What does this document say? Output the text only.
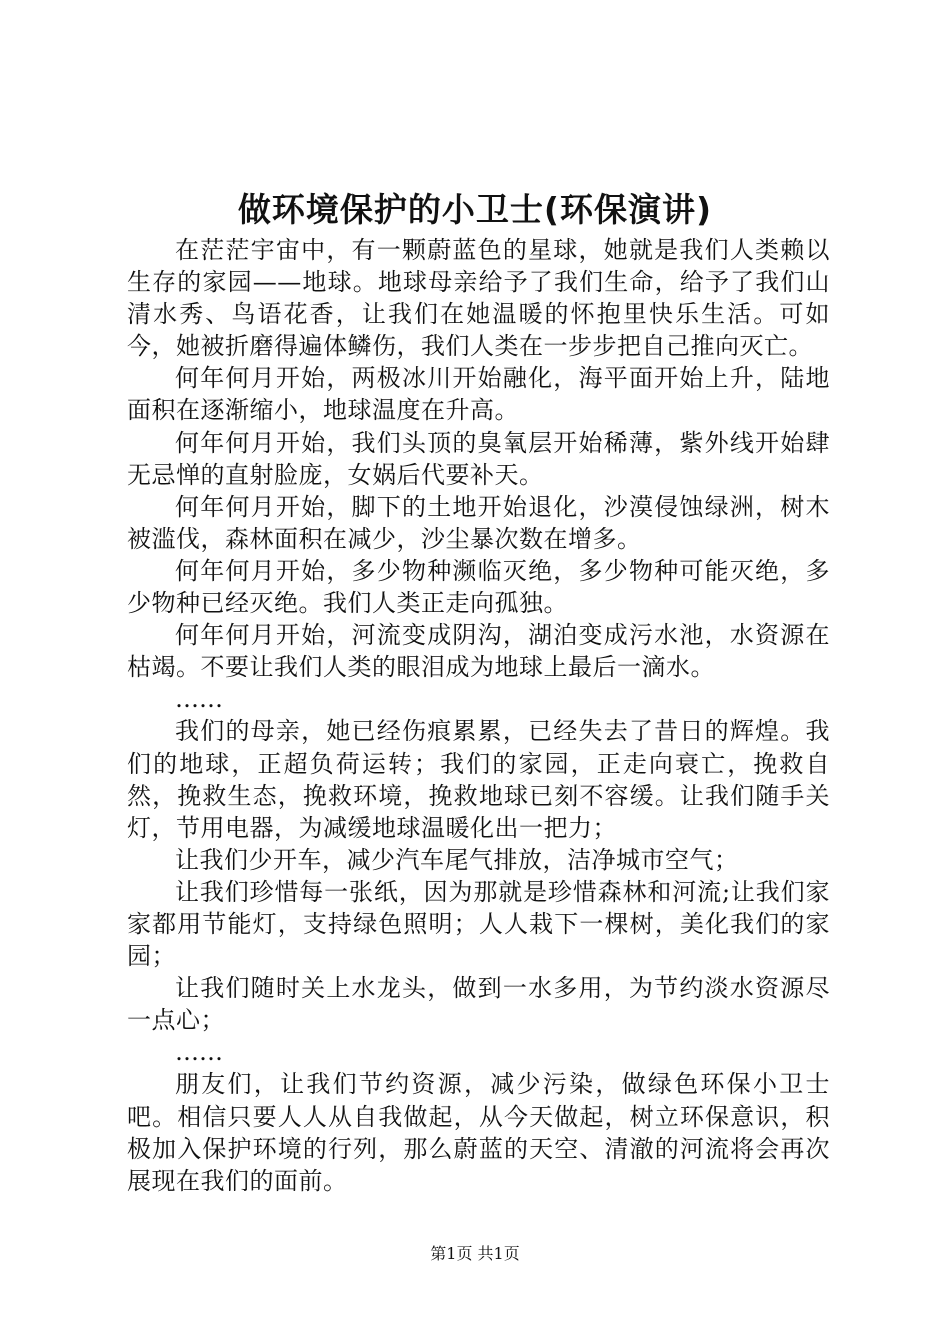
做环境保护的小卫士(环保演讲)

在茫茫宇宙中，有一颗蔚蓝色的星球，她就是我们人类赖以生存的家园——地球。地球母亲给予了我们生命，给予了我们山清水秀、鸟语花香，让我们在她温暖的怀抱里快乐生活。可如今，她被折磨得遍体鳞伤，我们人类在一步步把自己推向灭亡。

何年何月开始，两极冰川开始融化，海平面开始上升，陆地面积在逐渐缩小，地球温度在升高。

何年何月开始，我们头顶的臭氧层开始稀薄，紫外线开始肆无忌惮的直射脸庞，女娲后代要补天。

何年何月开始，脚下的土地开始退化，沙漠侵蚀绿洲，树木被滥伐，森林面积在减少，沙尘暴次数在增多。

何年何月开始，多少物种濒临灭绝，多少物种可能灭绝，多少物种已经灭绝。我们人类正走向孤独。

何年何月开始，河流变成阴沟，湖泊变成污水池，水资源在枯竭。不要让我们人类的眼泪成为地球上最后一滴水。

……

我们的母亲，她已经伤痕累累，已经失去了昔日的辉煌。我们的地球，正超负荷运转；我们的家园，正走向衰亡，挽救自然，挽救生态，挽救环境，挽救地球已刻不容缓。让我们随手关灯，节用电器，为减缓地球温暖化出一把力；

让我们少开车，减少汽车尾气排放，洁净城市空气；

让我们珍惜每一张纸，因为那就是珍惜森林和河流;让我们家家都用节能灯，支持绿色照明；人人栽下一棵树，美化我们的家园；

让我们随时关上水龙头，做到一水多用，为节约淡水资源尽一点心；

……

朋友们，让我们节约资源，减少污染，做绿色环保小卫士吧。相信只要人人从自我做起，从今天做起，树立环保意识，积极加入保护环境的行列，那么蔚蓝的天空、清澈的河流将会再次展现在我们的面前。

第1页 共1页
